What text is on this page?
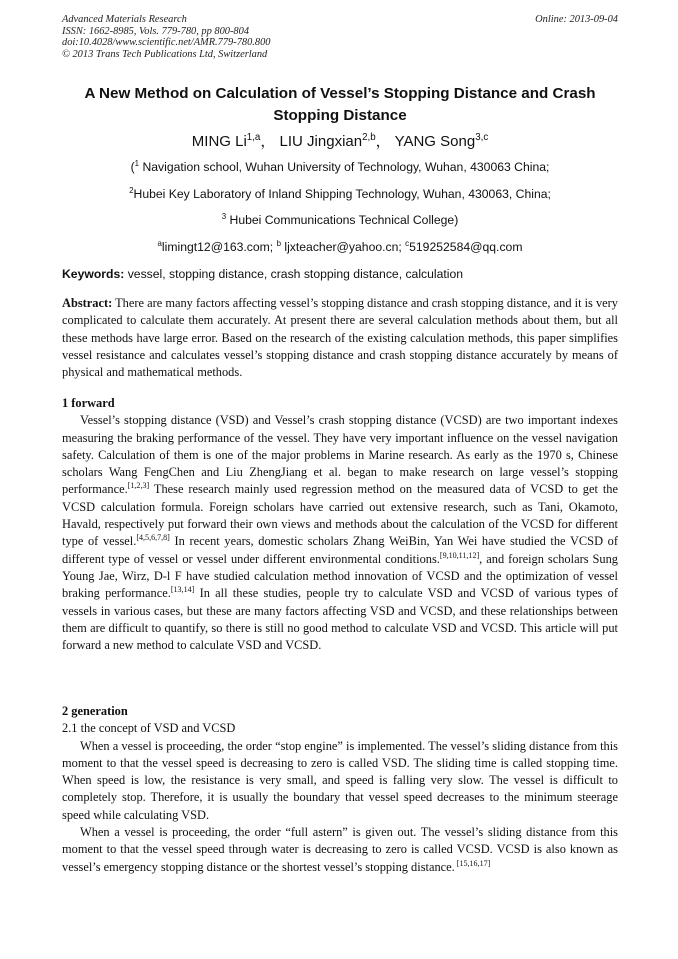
Advanced Materials Research
ISSN: 1662-8985, Vols. 779-780, pp 800-804
doi:10.4028/www.scientific.net/AMR.779-780.800
© 2013 Trans Tech Publications Ltd, Switzerland
Online: 2013-09-04
A New Method on Calculation of Vessel’s Stopping Distance and Crash Stopping Distance
MING Li$^{1,a}$， LIU Jingxian$^{2,b}$， YANG Song$^{3,c}$
($^1$ Navigation school, Wuhan University of Technology, Wuhan, 430063 China;
$^2$Hubei Key Laboratory of Inland Shipping Technology, Wuhan, 430063, China;
$^3$ Hubei Communications Technical College)
$^a$limingt12@163.com; $^b$ ljxteacher@yahoo.cn; $^c$519252584@qq.com
Keywords: vessel, stopping distance, crash stopping distance, calculation

Abstract: There are many factors affecting vessel’s stopping distance and crash stopping distance, and it is very complicated to calculate them accurately. At present there are several calculation methods about them, but all these methods have large error. Based on the research of the existing calculation methods, this paper simplifies vessel resistance and calculates vessel’s stopping distance and crash stopping distance accurately by means of physical and mathematical methods.

1 forward

Vessel’s stopping distance (VSD) and Vessel’s crash stopping distance (VCSD) are two important indexes measuring the braking performance of the vessel. They have very important influence on the vessel navigation safety. Calculation of them is one of the major problems in Marine research. As early as the 1970 s, Chinese scholars Wang FengChen and Liu ZhengJiang et al. began to make research on large vessel’s stopping performance.[1,2,3] These research mainly used regression method on the measured data of VCSD to get the VCSD calculation formula. Foreign scholars have carried out extensive research, such as Tani, Okamoto, Havald, respectively put forward their own views and methods about the calculation of the VCSD for different type of vessel.[4,5,6,7,8] In recent years, domestic scholars Zhang WeiBin, Yan Wei have studied the VCSD of different type of vessel or vessel under different environmental conditions.[9,10,11,12], and foreign scholars Sung Young Jae, Wirz, D-l F have studied calculation method innovation of VCSD and the optimization of vessel braking performance.[13,14] In all these studies, people try to calculate VSD and VCSD of various types of vessels in various cases, but these are many factors affecting VSD and VCSD, and these relationships between them are difficult to quantify, so there is still no good method to calculate VSD and VCSD. This article will put forward a new method to calculate VSD and VCSD.

2 generation

2.1 the concept of VSD and VCSD

When a vessel is proceeding, the order “stop engine” is implemented. The vessel’s sliding distance from this moment to that the vessel speed is decreasing to zero is called VSD. The sliding time is called stopping time. When speed is low, the resistance is very small, and speed is falling very slow. The vessel is difficult to completely stop. Therefore, it is usually the boundary that vessel speed decreases to the minimum steerage speed while calculating VSD.

When a vessel is proceeding, the order “full astern” is given out. The vessel’s sliding distance from this moment to that the vessel speed through water is decreasing to zero is called VCSD. VCSD is also known as vessel’s emergency stopping distance or the shortest vessel’s stopping distance. [15,16,17]
